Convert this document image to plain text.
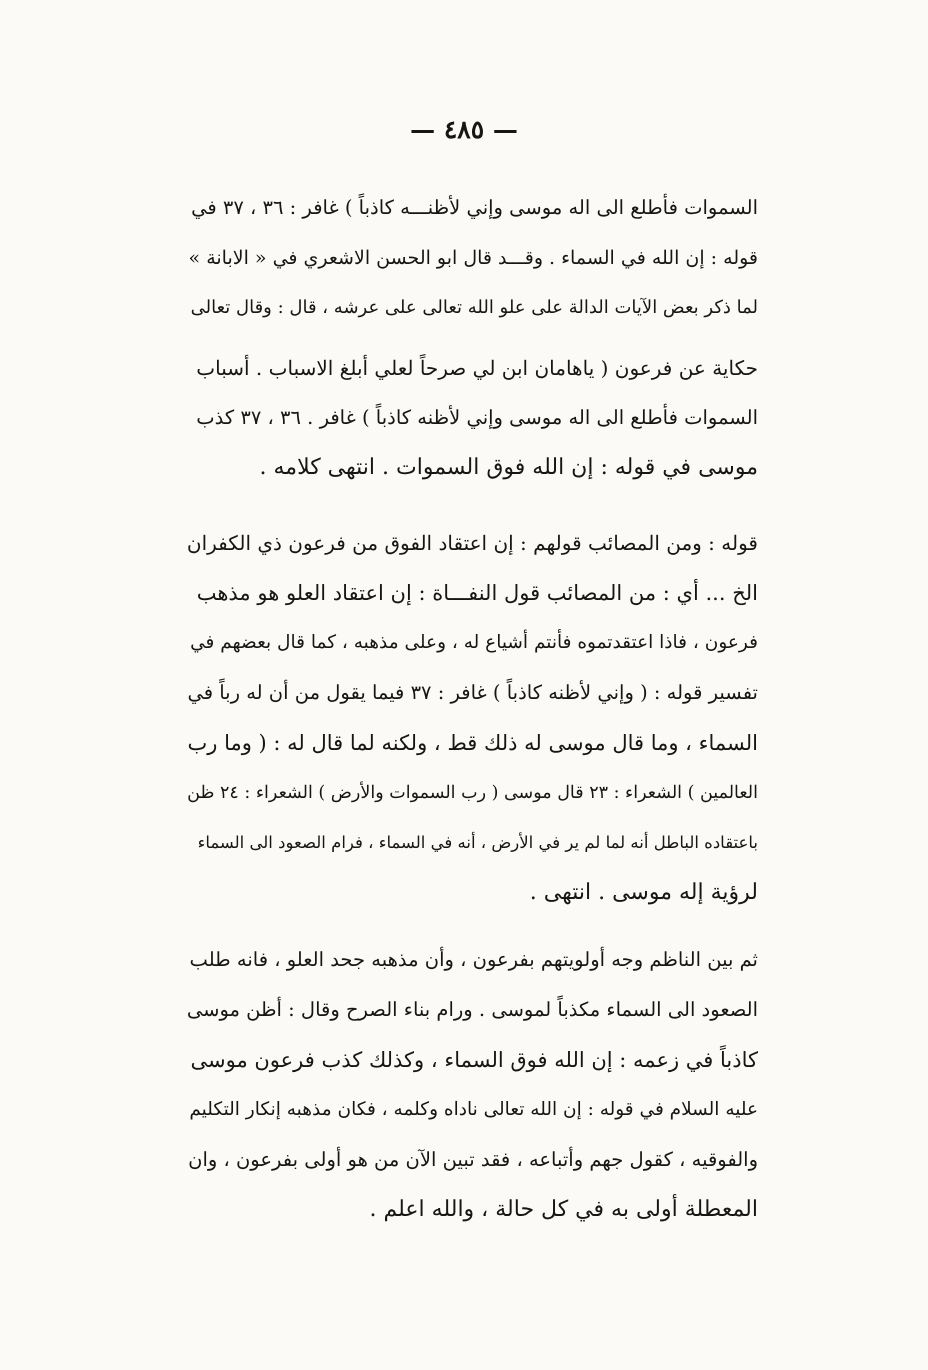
— ٤٨٥ —
السموات فأطلع الى اله موسى وإني لأظنـــه كاذباً ) غافر : ٣٦ ، ٣٧ في
قوله : إن الله في السماء . وقـــد قال ابو الحسن الاشعري في « الابانة »
لما ذكر بعض الآيات الدالة على علو الله تعالى على عرشه ، قال : وقال تعالى
حكاية عن فرعون ( ياهامان ابن لي صرحاً لعلي أبلغ الاسباب . أسباب
السموات فأطلع الى اله موسى وإني لأظنه كاذباً ) غافر . ٣٦ ، ٣٧ كذب
موسى في قوله : إن الله فوق السموات . انتهى كلامه .
قوله : ومن المصائب قولهم : إن اعتقاد الفوق من فرعون ذي الكفران
الخ ... أي : من المصائب قول النفـــاة : إن اعتقاد العلو هو مذهب
فرعون ، فاذا اعتقدتموه فأنتم أشياع له ، وعلى مذهبه ، كما قال بعضهم في
تفسير قوله : ( وإني لأظنه كاذباً ) غافر : ٣٧ فيما يقول من أن له رباً في
السماء ، وما قال موسى له ذلك قط ، ولكنه لما قال له : ( وما رب
العالمين ) الشعراء : ٢٣ قال موسى ( رب السموات والأرض ) الشعراء : ٢٤ ظن
باعتقاده الباطل أنه لما لم ير في الأرض ، أنه في السماء ، فرام الصعود الى السماء
لرؤية إله موسى . انتهى .
ثم بين الناظم وجه أولويتهم بفرعون ، وأن مذهبه جحد العلو ، فانه طلب
الصعود الى السماء مكذباً لموسى . ورام بناء الصرح وقال : أظن موسى
كاذباً في زعمه : إن الله فوق السماء ، وكذلك كذب فرعون موسى
عليه السلام في قوله : إن الله تعالى ناداه وكلمه ، فكان مذهبه إنكار التكليم
والفوقيه ، كقول جهم وأتباعه ، فقد تبين الآن من هو أولى بفرعون ، وان
المعطلة أولى به في كل حالة ، والله اعلم .
